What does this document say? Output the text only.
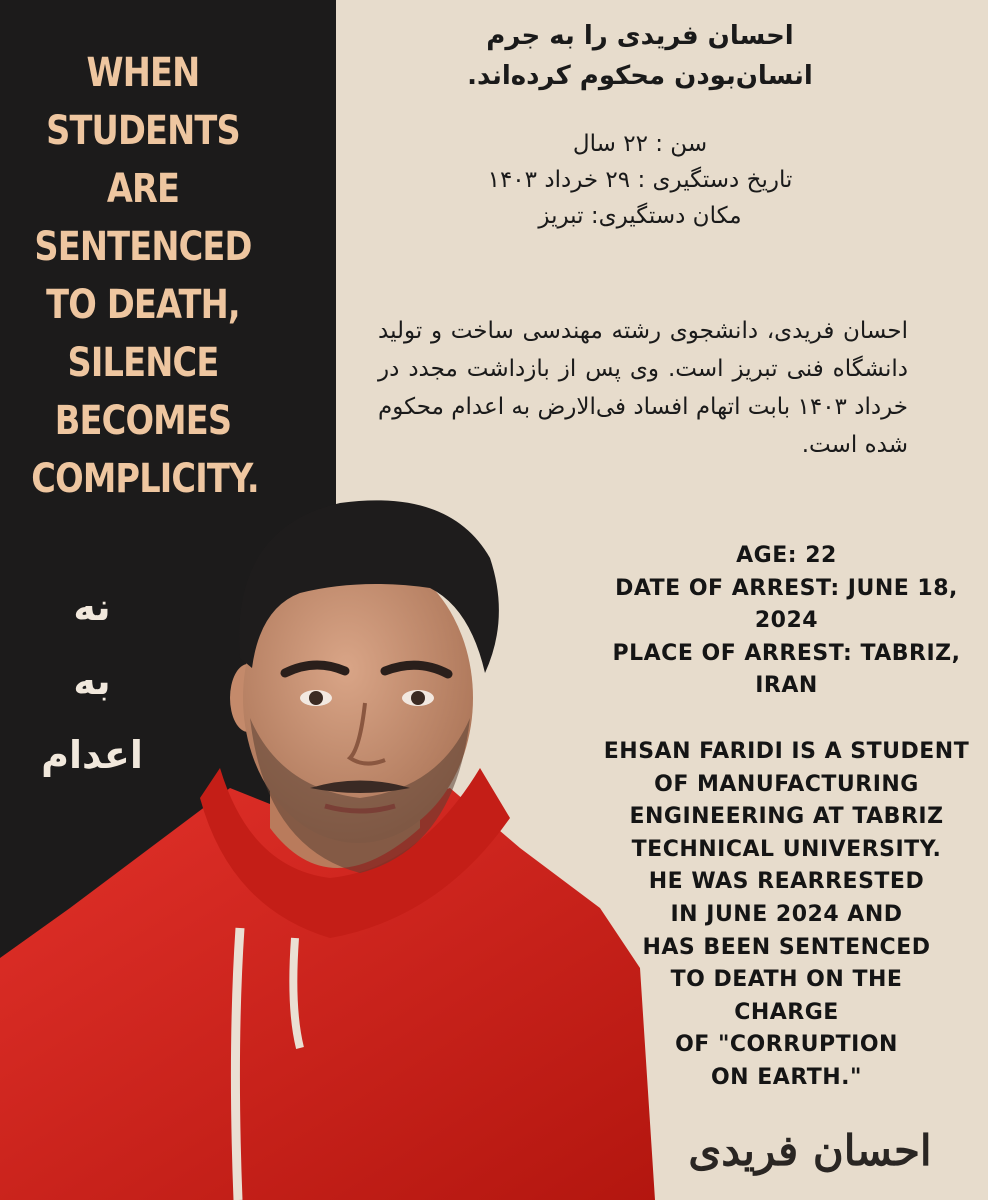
WHEN
STUDENTS
ARE
SENTENCED
TO DEATH,
SILENCE
BECOMES
COMPLICITY.
نه
به
اعدام
احسان فریدی را به جرم
انسان‌بودن محکوم کرده‌اند.
سن : ۲۲ سال
تاریخ دستگیری : ۲۹ خرداد ۱۴۰۳
مکان دستگیری: تبریز

احسان فریدی، دانشجوی رشته مهندسی ساخت و تولید دانشگاه فنی تبریز است. وی پس از بازداشت مجدد در خرداد ۱۴۰۳ بابت اتهام افساد فی‌الارض به اعدام محکوم شده است.

AGE: 22
DATE OF ARREST: JUNE 18,
2024
PLACE OF ARREST: TABRIZ,
IRAN
EHSAN FARIDI IS A STUDENT
OF MANUFACTURING
ENGINEERING AT TABRIZ
TECHNICAL UNIVERSITY.
HE WAS REARRESTED
IN JUNE 2024 AND
HAS BEEN SENTENCED
TO DEATH ON THE
CHARGE
OF "CORRUPTION
ON EARTH."
احسان فریدی
